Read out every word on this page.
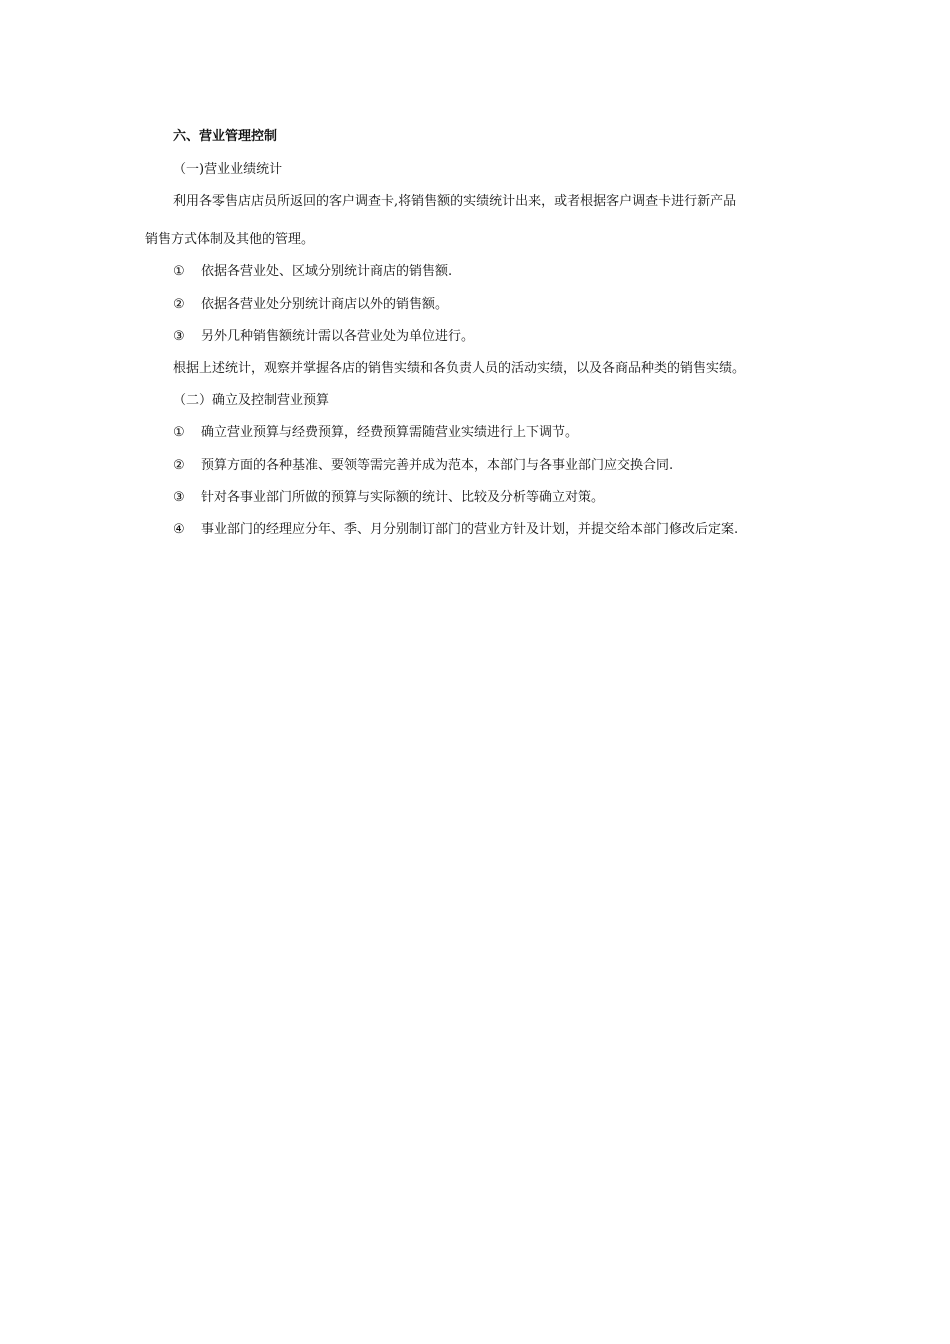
六、营业管理控制
（一)营业业绩统计
利用各零售店店员所返回的客户调查卡,将销售额的实绩统计出来，或者根据客户调查卡进行新产品
销售方式体制及其他的管理。
① 依据各营业处、区域分别统计商店的销售额.
② 依据各营业处分别统计商店以外的销售额。
③ 另外几种销售额统计需以各营业处为单位进行。
根据上述统计，观察并掌握各店的销售实绩和各负责人员的活动实绩，以及各商品种类的销售实绩。
（二）确立及控制营业预算
① 确立营业预算与经费预算，经费预算需随营业实绩进行上下调节。
② 预算方面的各种基准、要领等需完善并成为范本，本部门与各事业部门应交换合同.
③ 针对各事业部门所做的预算与实际额的统计、比较及分析等确立对策。
④ 事业部门的经理应分年、季、月分别制订部门的营业方针及计划，并提交给本部门修改后定案.
